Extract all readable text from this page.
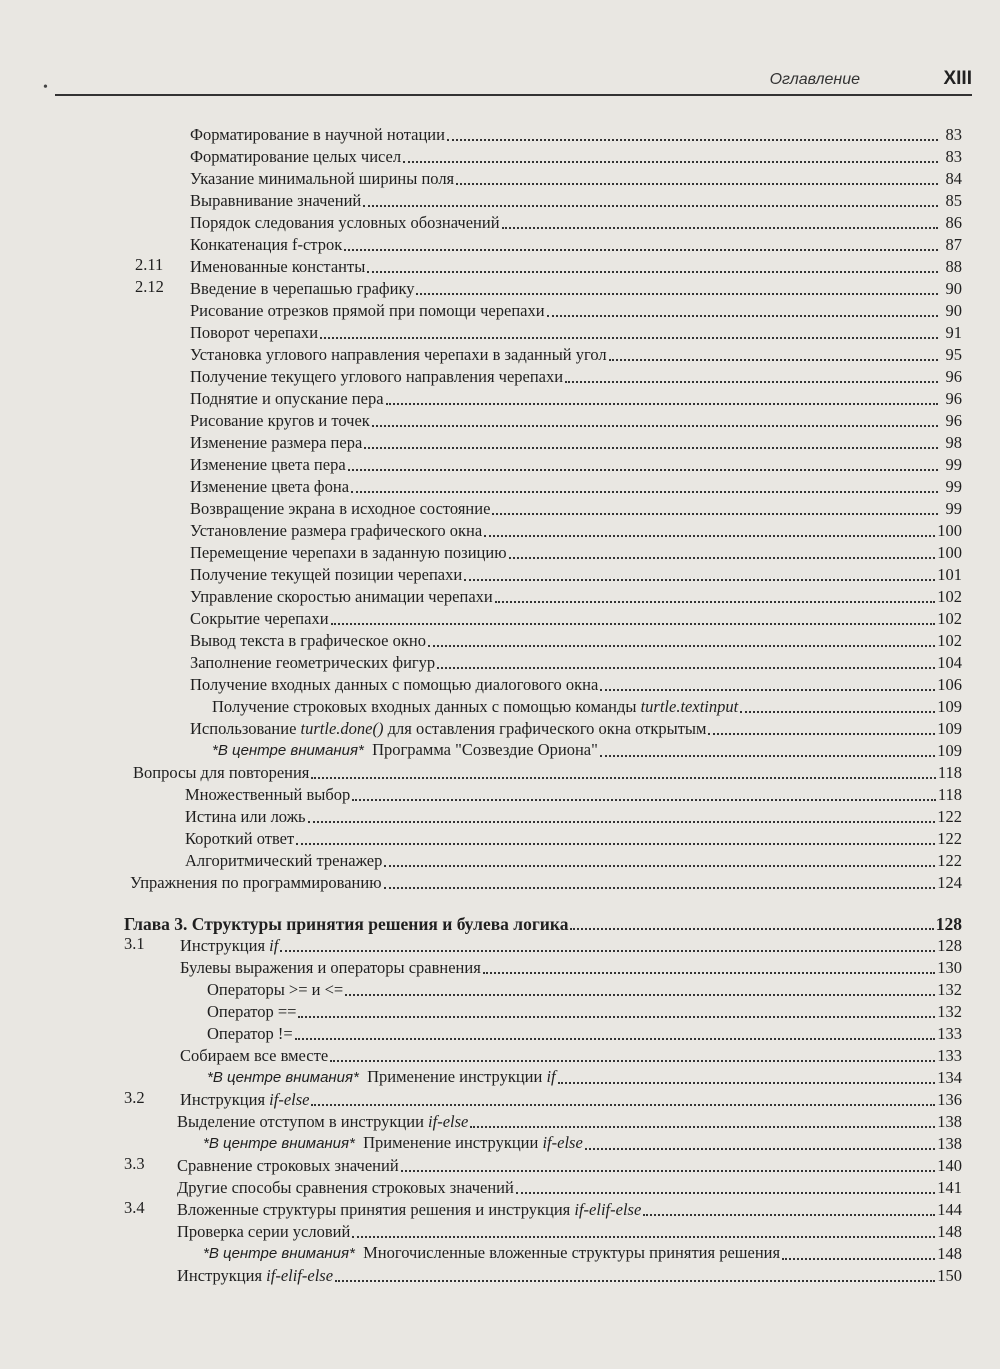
•	Оглавление	XIII
Форматирование в научной нотации	83
Форматирование целых чисел	83
Указание минимальной ширины поля	84
Выравнивание значений	85
Порядок следования условных обозначений	86
Конкатенация f-строк	87
2.11 Именованные константы	88
2.12 Введение в черепашью графику	90
Рисование отрезков прямой при помощи черепахи	90
Поворот черепахи	91
Установка углового направления черепахи в заданный угол	95
Получение текущего углового направления черепахи	96
Поднятие и опускание пера	96
Рисование кругов и точек	96
Изменение размера пера	98
Изменение цвета пера	99
Изменение цвета фона	99
Возвращение экрана в исходное состояние	99
Установление размера графического окна	100
Перемещение черепахи в заданную позицию	100
Получение текущей позиции черепахи	101
Управление скоростью анимации черепахи	102
Сокрытие черепахи	102
Вывод текста в графическое окно	102
Заполнение геометрических фигур	104
Получение входных данных с помощью диалогового окна	106
Получение строковых входных данных с помощью команды turtle.textinput	109
Использование turtle.done() для оставления графического окна открытым	109
*В центре внимания* Программа "Созвездие Ориона"	109
Вопросы для повторения	118
Множественный выбор	118
Истина или ложь	122
Короткий ответ	122
Алгоритмический тренажер	122
Упражнения по программированию	124
Глава 3. Структуры принятия решения и булева логика	128
3.1 Инструкция if	128
Булевы выражения и операторы сравнения	130
Операторы >= и <=	132
Оператор ==	132
Оператор !=	133
Собираем все вместе	133
*В центре внимания* Применение инструкции if	134
3.2 Инструкция if-else	136
Выделение отступом в инструкции if-else	138
*В центре внимания* Применение инструкции if-else	138
3.3 Сравнение строковых значений	140
Другие способы сравнения строковых значений	141
3.4 Вложенные структуры принятия решения и инструкция if-elif-else	144
Проверка серии условий	148
*В центре внимания* Многочисленные вложенные структуры принятия решения	148
Инструкция if-elif-else	150
